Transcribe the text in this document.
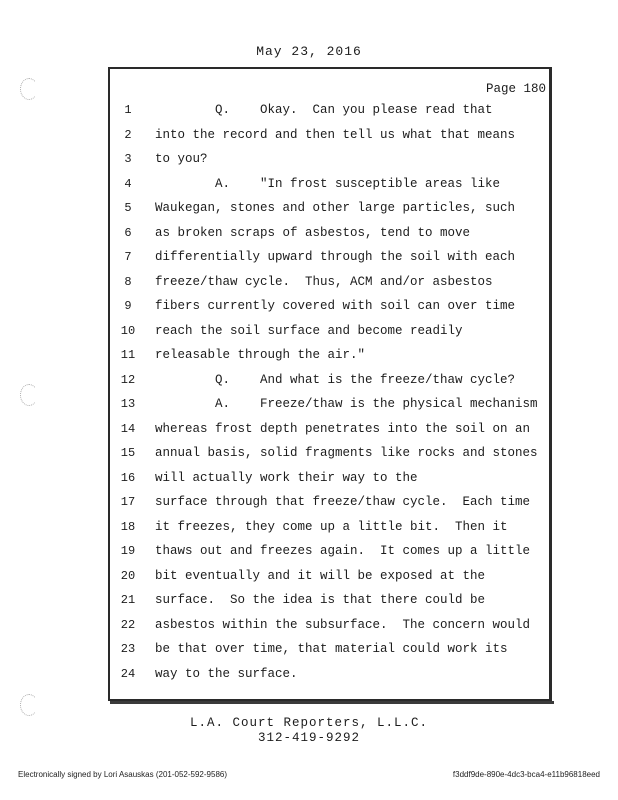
May 23, 2016
Page 180
1	Q.    Okay.  Can you please read that
2	into the record and then tell us what that means
3	to you?
4	A.    "In frost susceptible areas like
5	Waukegan, stones and other large particles, such
6	as broken scraps of asbestos, tend to move
7	differentially upward through the soil with each
8	freeze/thaw cycle.  Thus, ACM and/or asbestos
9	fibers currently covered with soil can over time
10 reach the soil surface and become readily
11 releasable through the air."
12 Q.    And what is the freeze/thaw cycle?
13 A.    Freeze/thaw is the physical mechanism
14 whereas frost depth penetrates into the soil on an
15 annual basis, solid fragments like rocks and stones
16 will actually work their way to the
17 surface through that freeze/thaw cycle.  Each time
18 it freezes, they come up a little bit.  Then it
19 thaws out and freezes again.  It comes up a little
20 bit eventually and it will be exposed at the
21 surface.  So the idea is that there could be
22 asbestos within the subsurface.  The concern would
23 be that over time, that material could work its
24 way to the surface.
L.A. Court Reporters, L.L.C.
312-419-9292
Electronically signed by Lori Asauskas (201-052-592-9586)	f3ddf9de-890e-4dc3-bca4-e11b96818eed
